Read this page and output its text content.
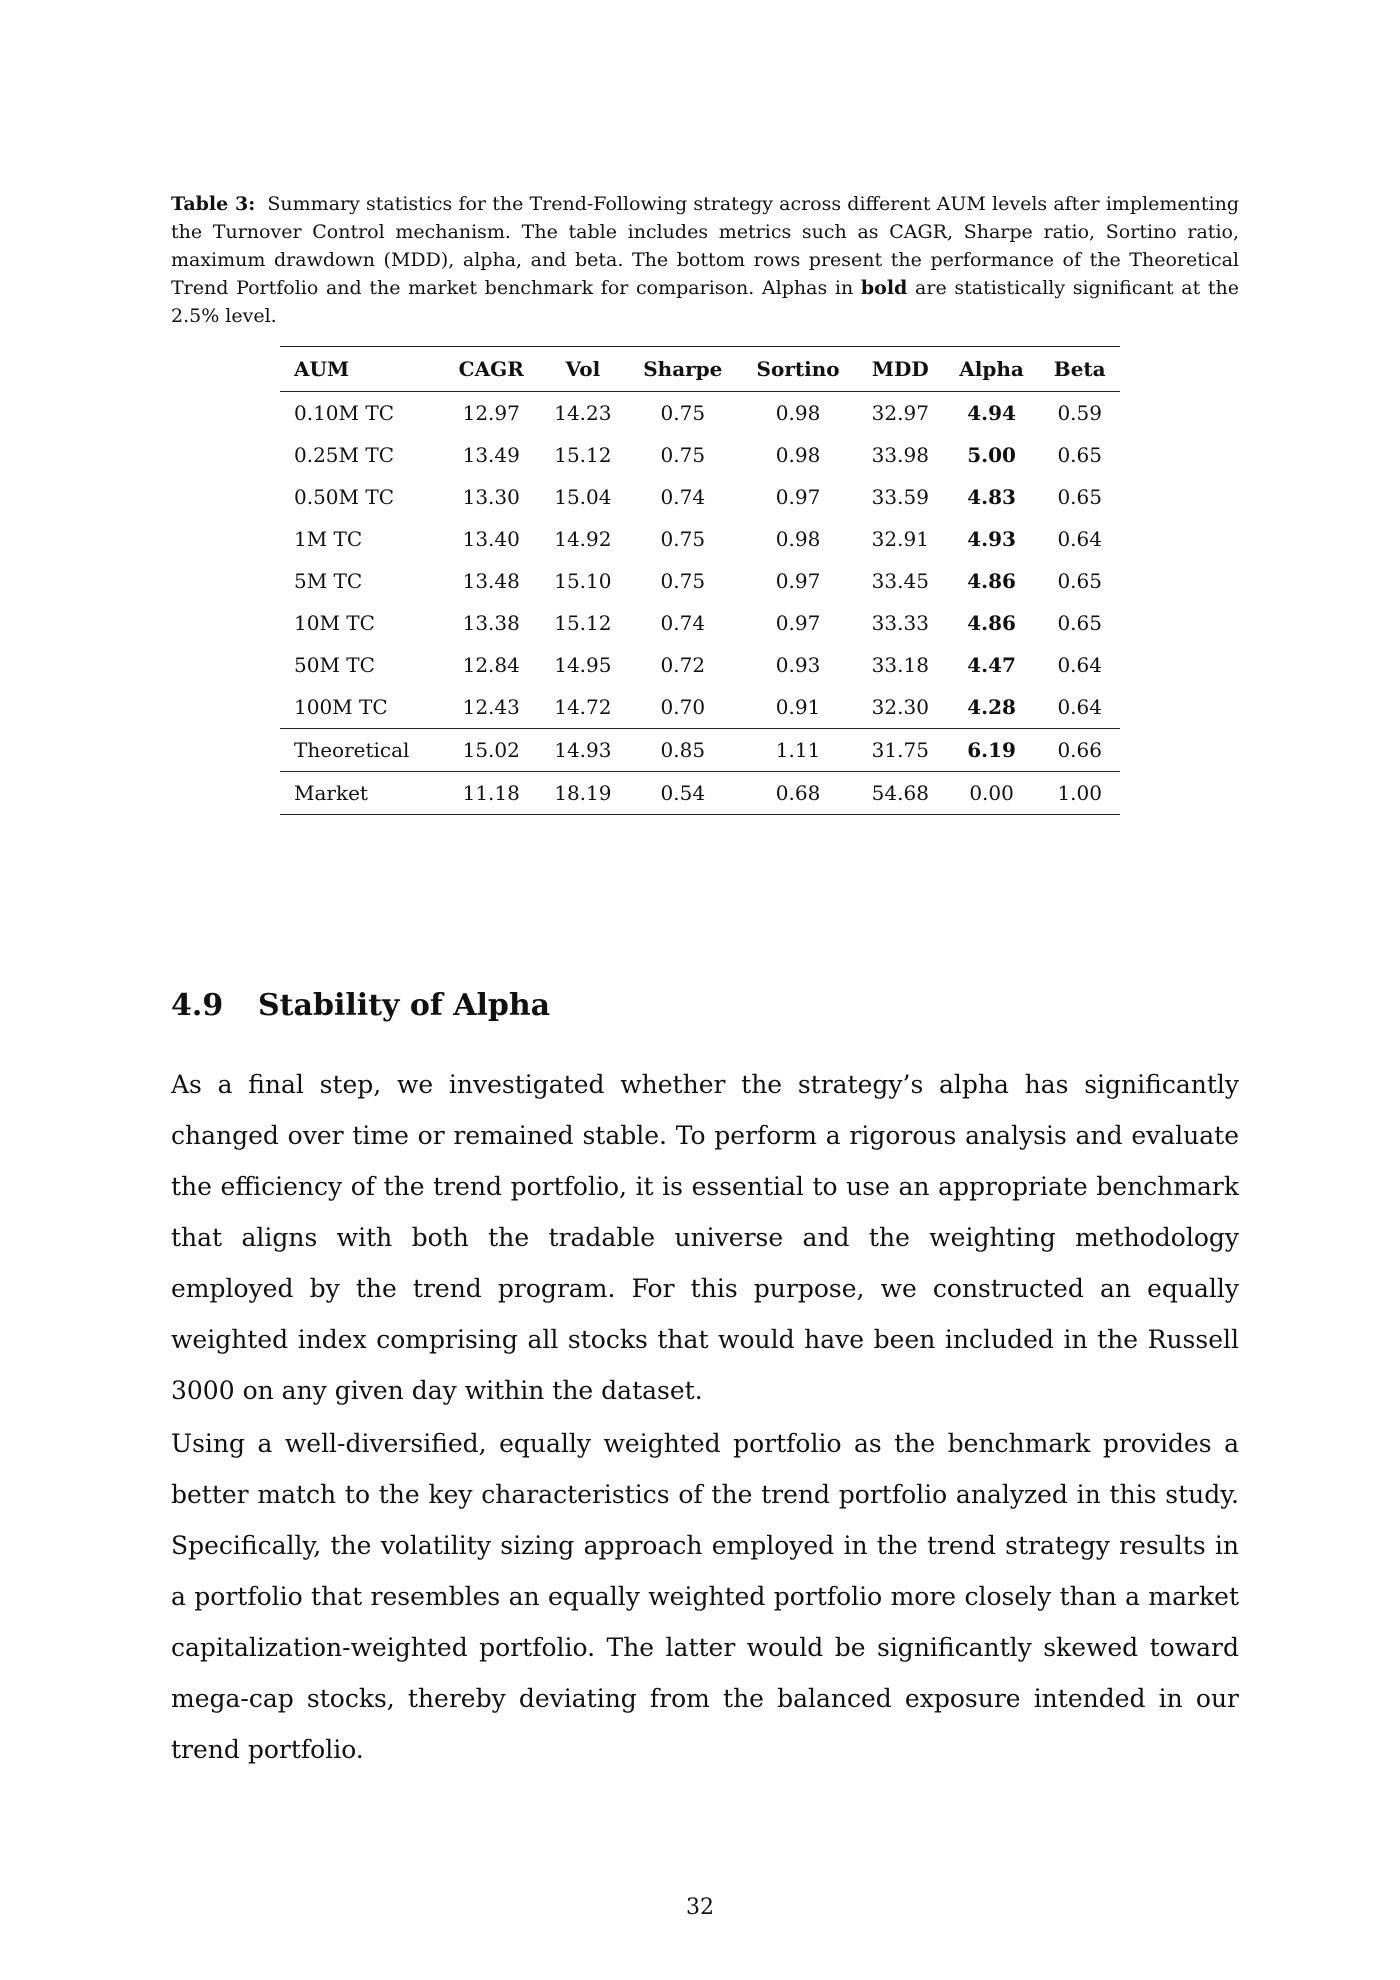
Table 3: Summary statistics for the Trend-Following strategy across different AUM levels after implementing the Turnover Control mechanism. The table includes metrics such as CAGR, Sharpe ratio, Sortino ratio, maximum drawdown (MDD), alpha, and beta. The bottom rows present the performance of the Theoretical Trend Portfolio and the market benchmark for comparison. Alphas in bold are statistically significant at the 2.5% level.
AUM	CAGR	Vol	Sharpe	Sortino	MDD	Alpha	Beta
0.10M TC	12.97	14.23	0.75	0.98	32.97	4.94	0.59
0.25M TC	13.49	15.12	0.75	0.98	33.98	5.00	0.65
0.50M TC	13.30	15.04	0.74	0.97	33.59	4.83	0.65
1M TC	13.40	14.92	0.75	0.98	32.91	4.93	0.64
5M TC	13.48	15.10	0.75	0.97	33.45	4.86	0.65
10M TC	13.38	15.12	0.74	0.97	33.33	4.86	0.65
50M TC	12.84	14.95	0.72	0.93	33.18	4.47	0.64
100M TC	12.43	14.72	0.70	0.91	32.30	4.28	0.64
Theoretical	15.02	14.93	0.85	1.11	31.75	6.19	0.66
Market	11.18	18.19	0.54	0.68	54.68	0.00	1.00
4.9 Stability of Alpha

As a final step, we investigated whether the strategy’s alpha has significantly changed over time or remained stable. To perform a rigorous analysis and evaluate the efficiency of the trend portfolio, it is essential to use an appropriate benchmark that aligns with both the tradable universe and the weighting methodology employed by the trend program. For this purpose, we constructed an equally weighted index comprising all stocks that would have been included in the Russell 3000 on any given day within the dataset.

Using a well-diversified, equally weighted portfolio as the benchmark provides a better match to the key characteristics of the trend portfolio analyzed in this study. Specifically, the volatility sizing approach employed in the trend strategy results in a portfolio that resembles an equally weighted portfolio more closely than a market capitalization-weighted portfolio. The latter would be significantly skewed toward mega-cap stocks, thereby deviating from the balanced exposure intended in our trend portfolio.

32
